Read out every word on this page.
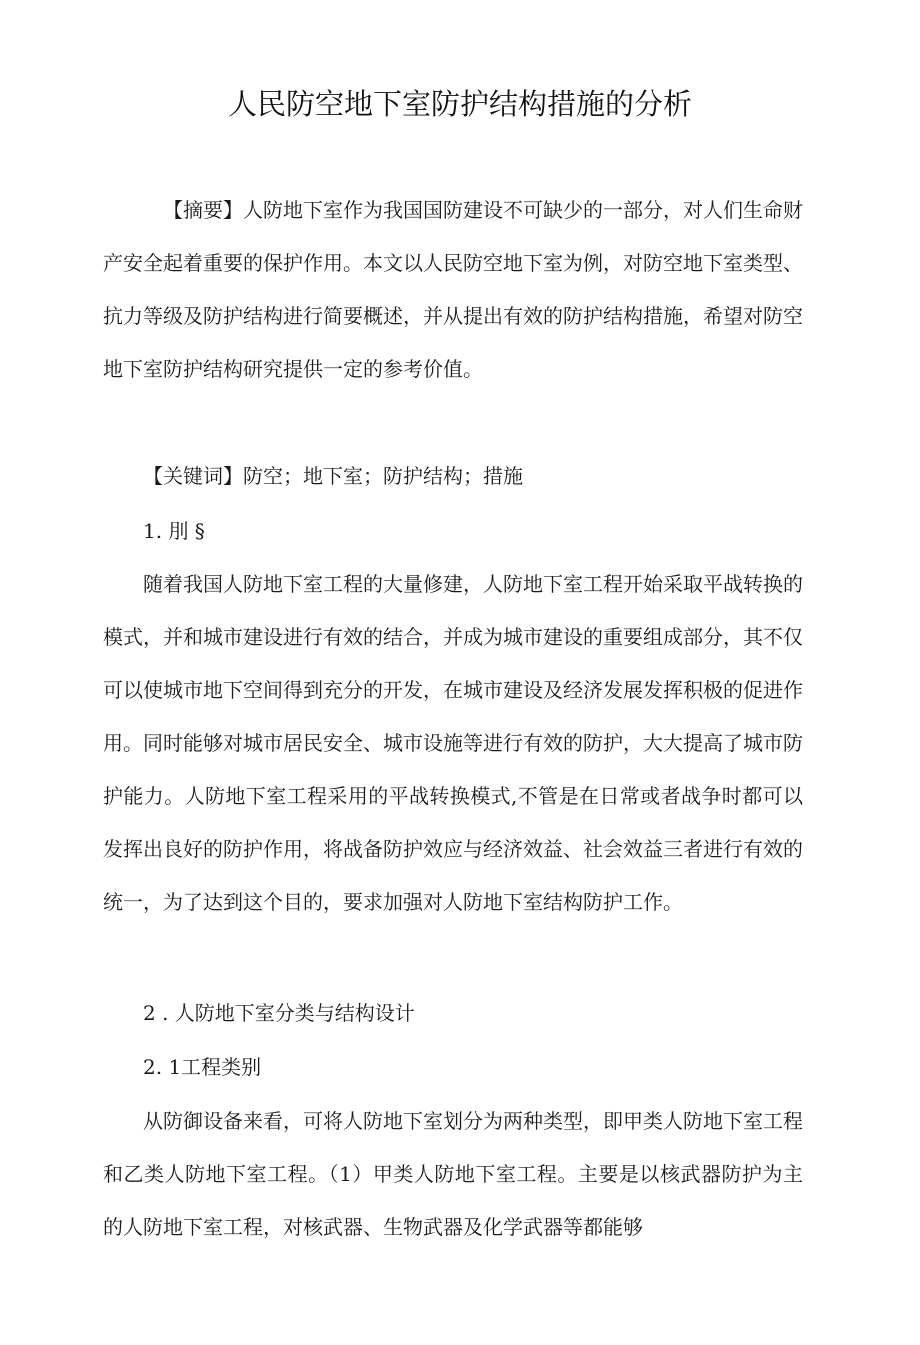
人民防空地下室防护结构措施的分析
【摘要】人防地下室作为我国国防建设不可缺少的一部分，对人们生命财产安全起着重要的保护作用。本文以人民防空地下室为例，对防空地下室类型、抗力等级及防护结构进行简要概述，并从提出有效的防护结构措施，希望对防空地下室防护结构研究提供一定的参考价值。
【关键词】防空；地下室；防护结构；措施
1. 刖 §
随着我国人防地下室工程的大量修建，人防地下室工程开始采取平战转换的模式，并和城市建设进行有效的结合，并成为城市建设的重要组成部分，其不仅可以使城市地下空间得到充分的开发，在城市建设及经济发展发挥积极的促进作用。同时能够对城市居民安全、城市设施等进行有效的防护，大大提高了城市防护能力。人防地下室工程采用的平战转换模式,不管是在日常或者战争时都可以发挥出良好的防护作用，将战备防护效应与经济效益、社会效益三者进行有效的统一，为了达到这个目的，要求加强对人防地下室结构防护工作。
2 . 人防地下室分类与结构设计
2. 1工程类别
从防御设备来看，可将人防地下室划分为两种类型，即甲类人防地下室工程和乙类人防地下室工程。（1）甲类人防地下室工程。主要是以核武器防护为主的人防地下室工程，对核武器、生物武器及化学武器等都能够
